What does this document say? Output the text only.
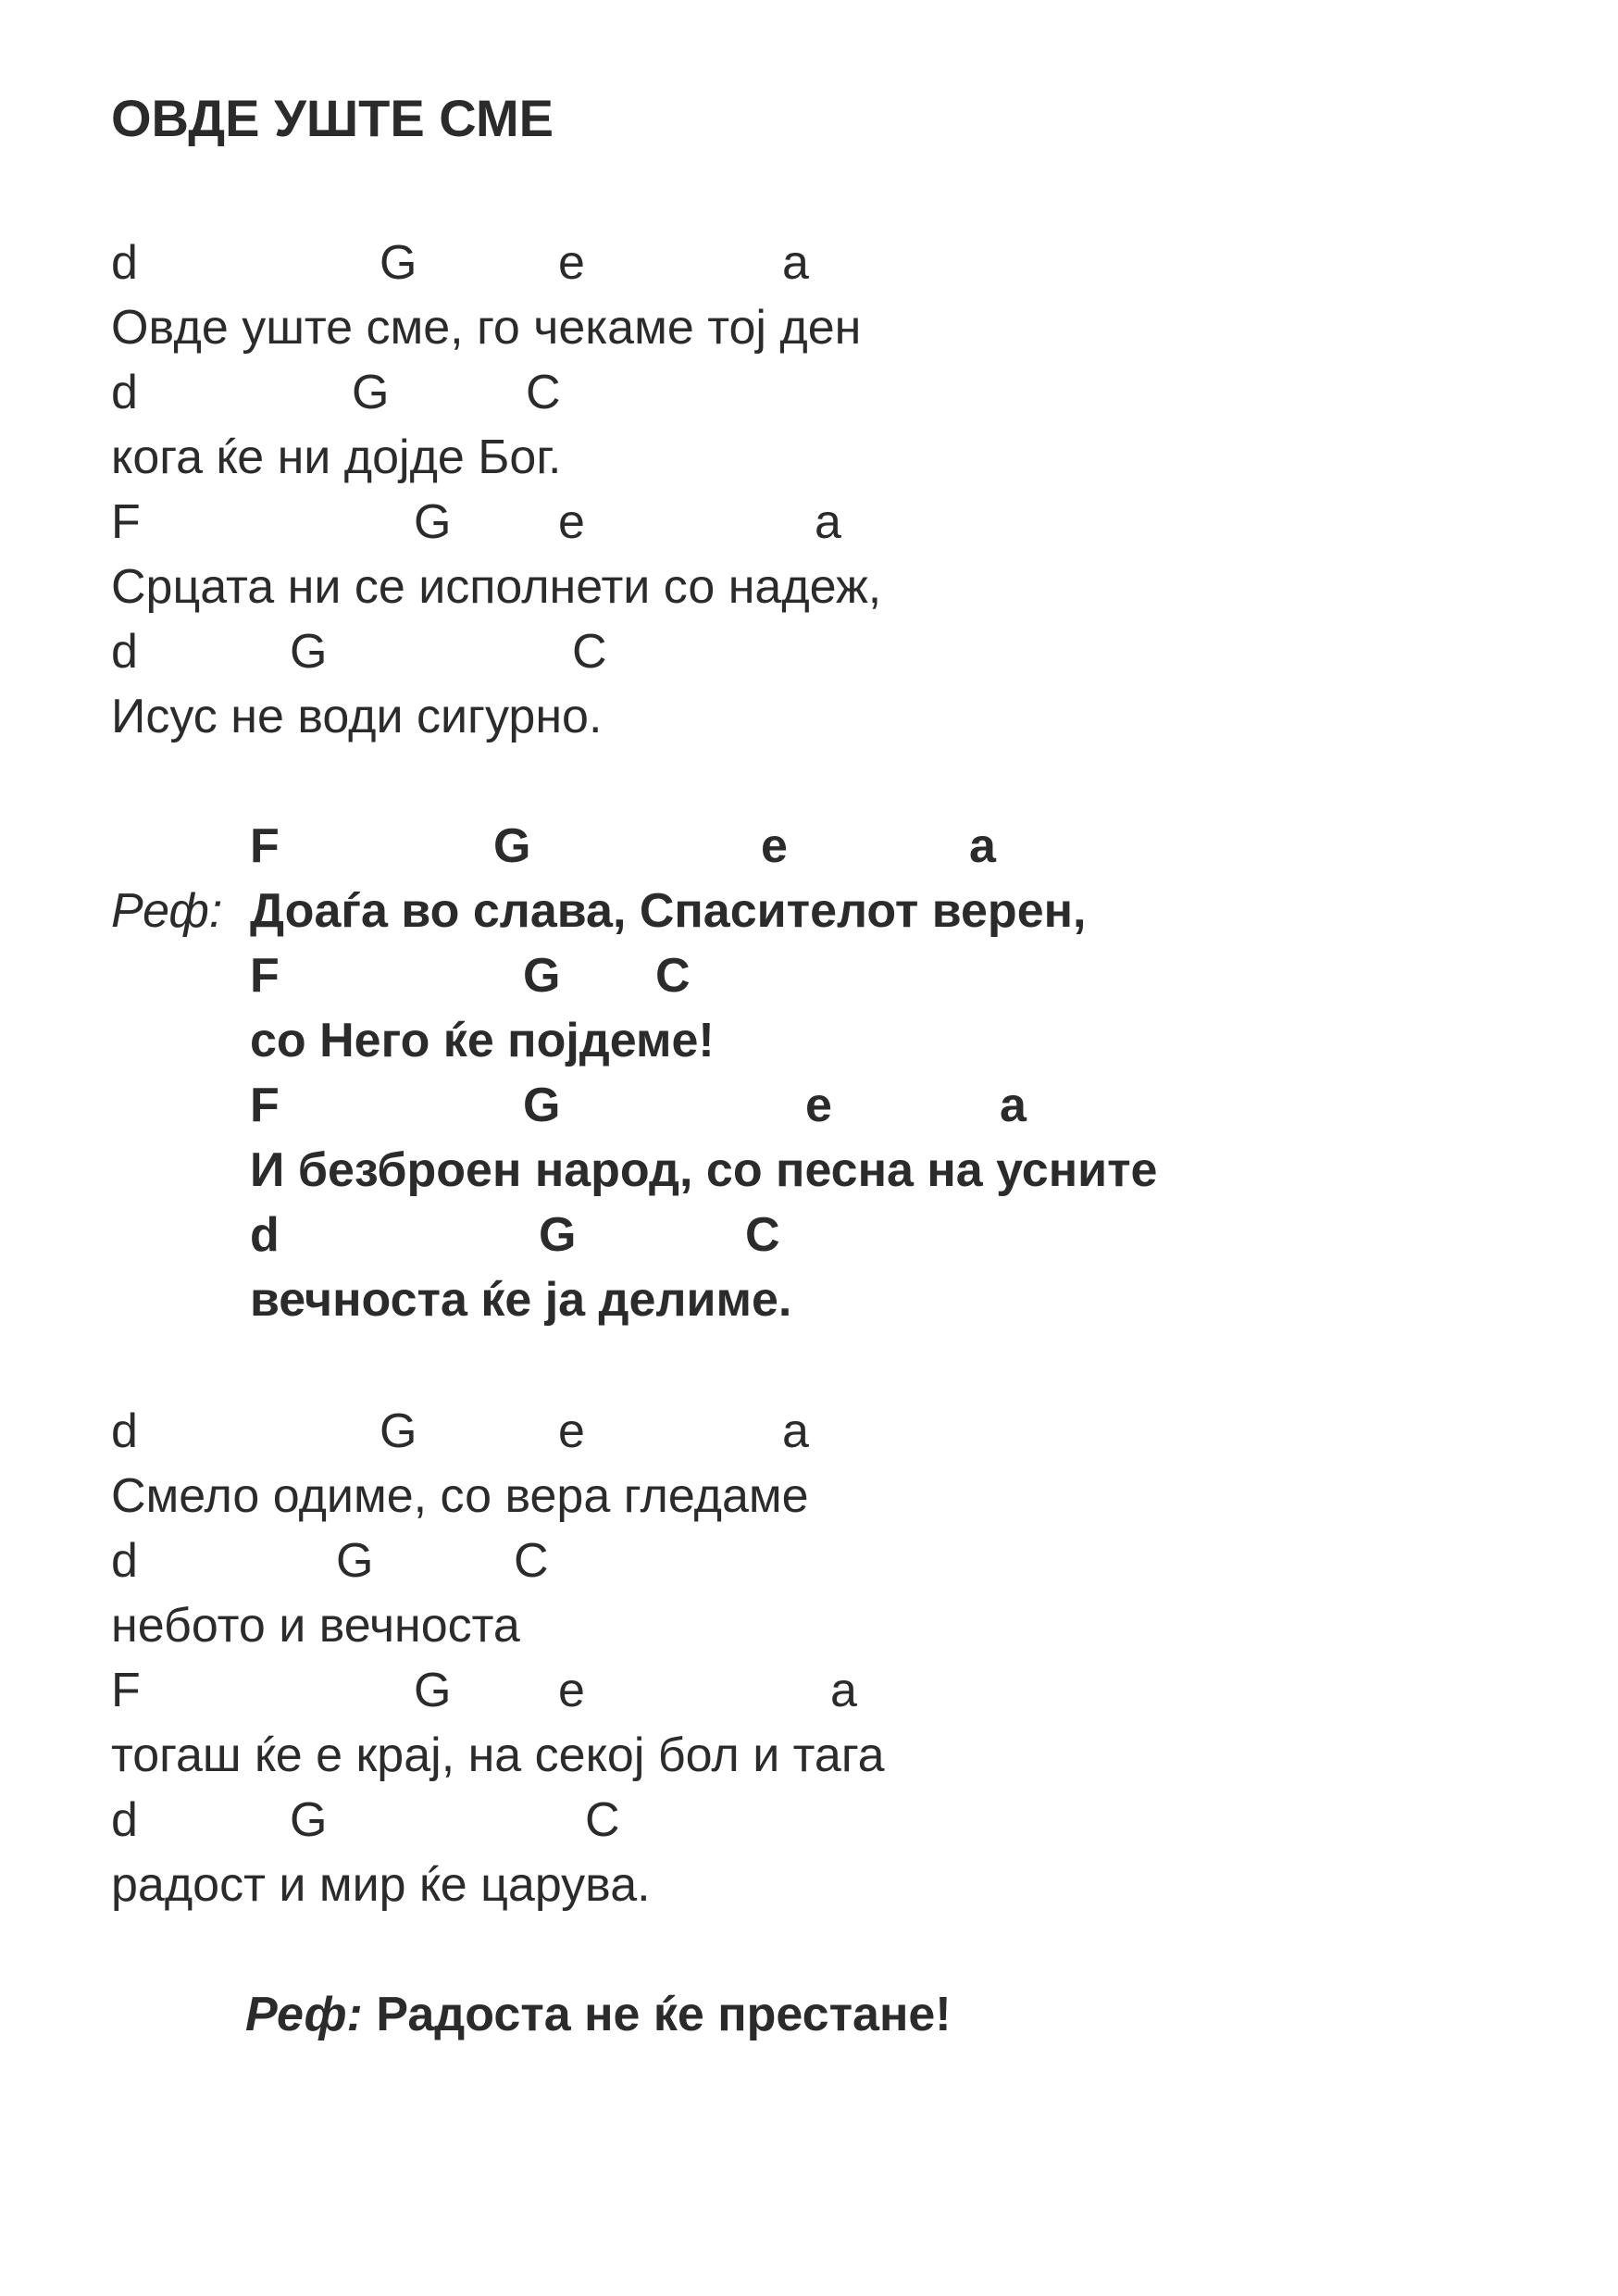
ОВДЕ УШТЕ СМЕ
d	G	e	a
Овде уште сме, го чекаме тој ден
d	G	C
кога ќе ни дојде Бог.
F	G e	a
Срцата ни се исполнети со надеж,
d	G	C
Исус не води сигурно.
F	G	e	a
Реф: Доаѓа во слава, Спасителот верен,
F	G C
со Него ќе појдеме!
F	G	e	a
И безброен народ, со песна на усните
d	G	C
вечноста ќе ја делиме.
d	G	e	a
Смело одиме, со вера гледаме
d	G	C
небото и вечноста
F	G e	a
тогаш ќе е крај, на секој бол и тага
d	G	C
радост и мир ќе царува.
Реф: Радоста не ќе престане!
